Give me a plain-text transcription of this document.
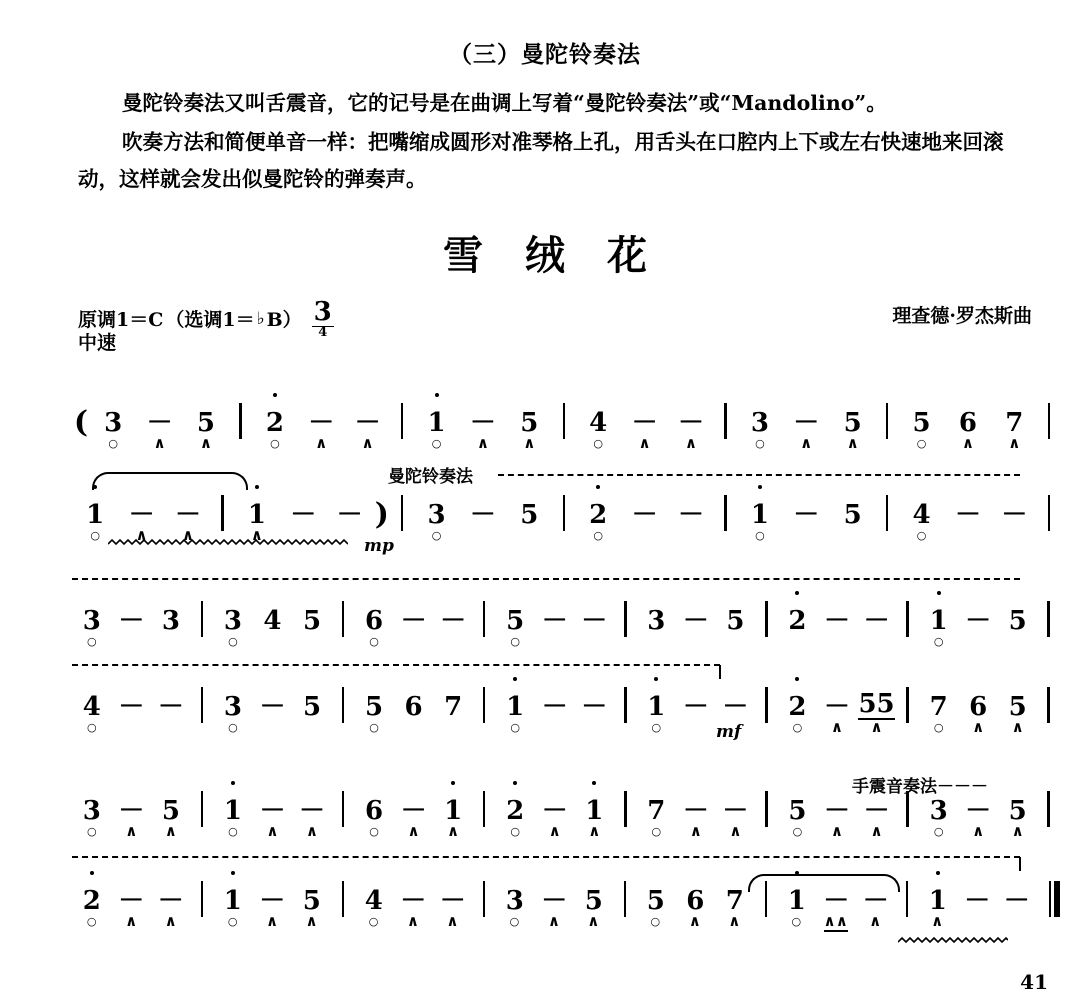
（三）曼陀铃奏法

曼陀铃奏法又叫舌震音，它的记号是在曲调上写着“曼陀铃奏法”或“Mandolino”。

吹奏方法和简便单音一样：把嘴缩成圆形对准琴格上孔，用舌头在口腔内上下或左右快速地来回滚动，这样就会发出似曼陀铃的弹奏声。

雪绒花
原调1＝C （选调1＝ ♭ $B) \frac{3}{4}$
中速
理查德·罗杰斯曲
( 3 － 5 2 － － 1 － 5 4 － － 3 － 5 5 6 7
○
∧
∧
○
∧
∧
○
∧
∧
○
∧
∧
○
∧
∧
○
∧
∧
1 － － 1 － － ) 3 － 5 2 － － 1 － 5 4 － －
○
∧
∧
∧
○
○
○
○
3 － 3 3 4 5 6 － － 5 － － 3 － 5 2 － － 1 － 5
○
○
○
○
○
4 － － 3 － 5 5 6 7 1 － － 1 － － 2 － 55 7 6 5
○
○
○
○
○
○
∧
∧
○
∧
∧
3 － 5 1 － － 6 － 1 2 － 1 7 － － 5 － － 3 － 5
○
∧
∧
○
∧
∧
○
∧
∧
○
∧
∧
○
∧
∧
○
∧
∧
○
∧
∧
2 － － 1 － 5 4 － － 3 － 5 5 6 7 1 － － 1 － －
○
∧
∧
○
∧
∧
○
∧
∧
○
∧
∧
○
∧
∧
○
∧∧
∧
∧
曼陀铃奏法
手震音奏法－－－
mp
mf
41
